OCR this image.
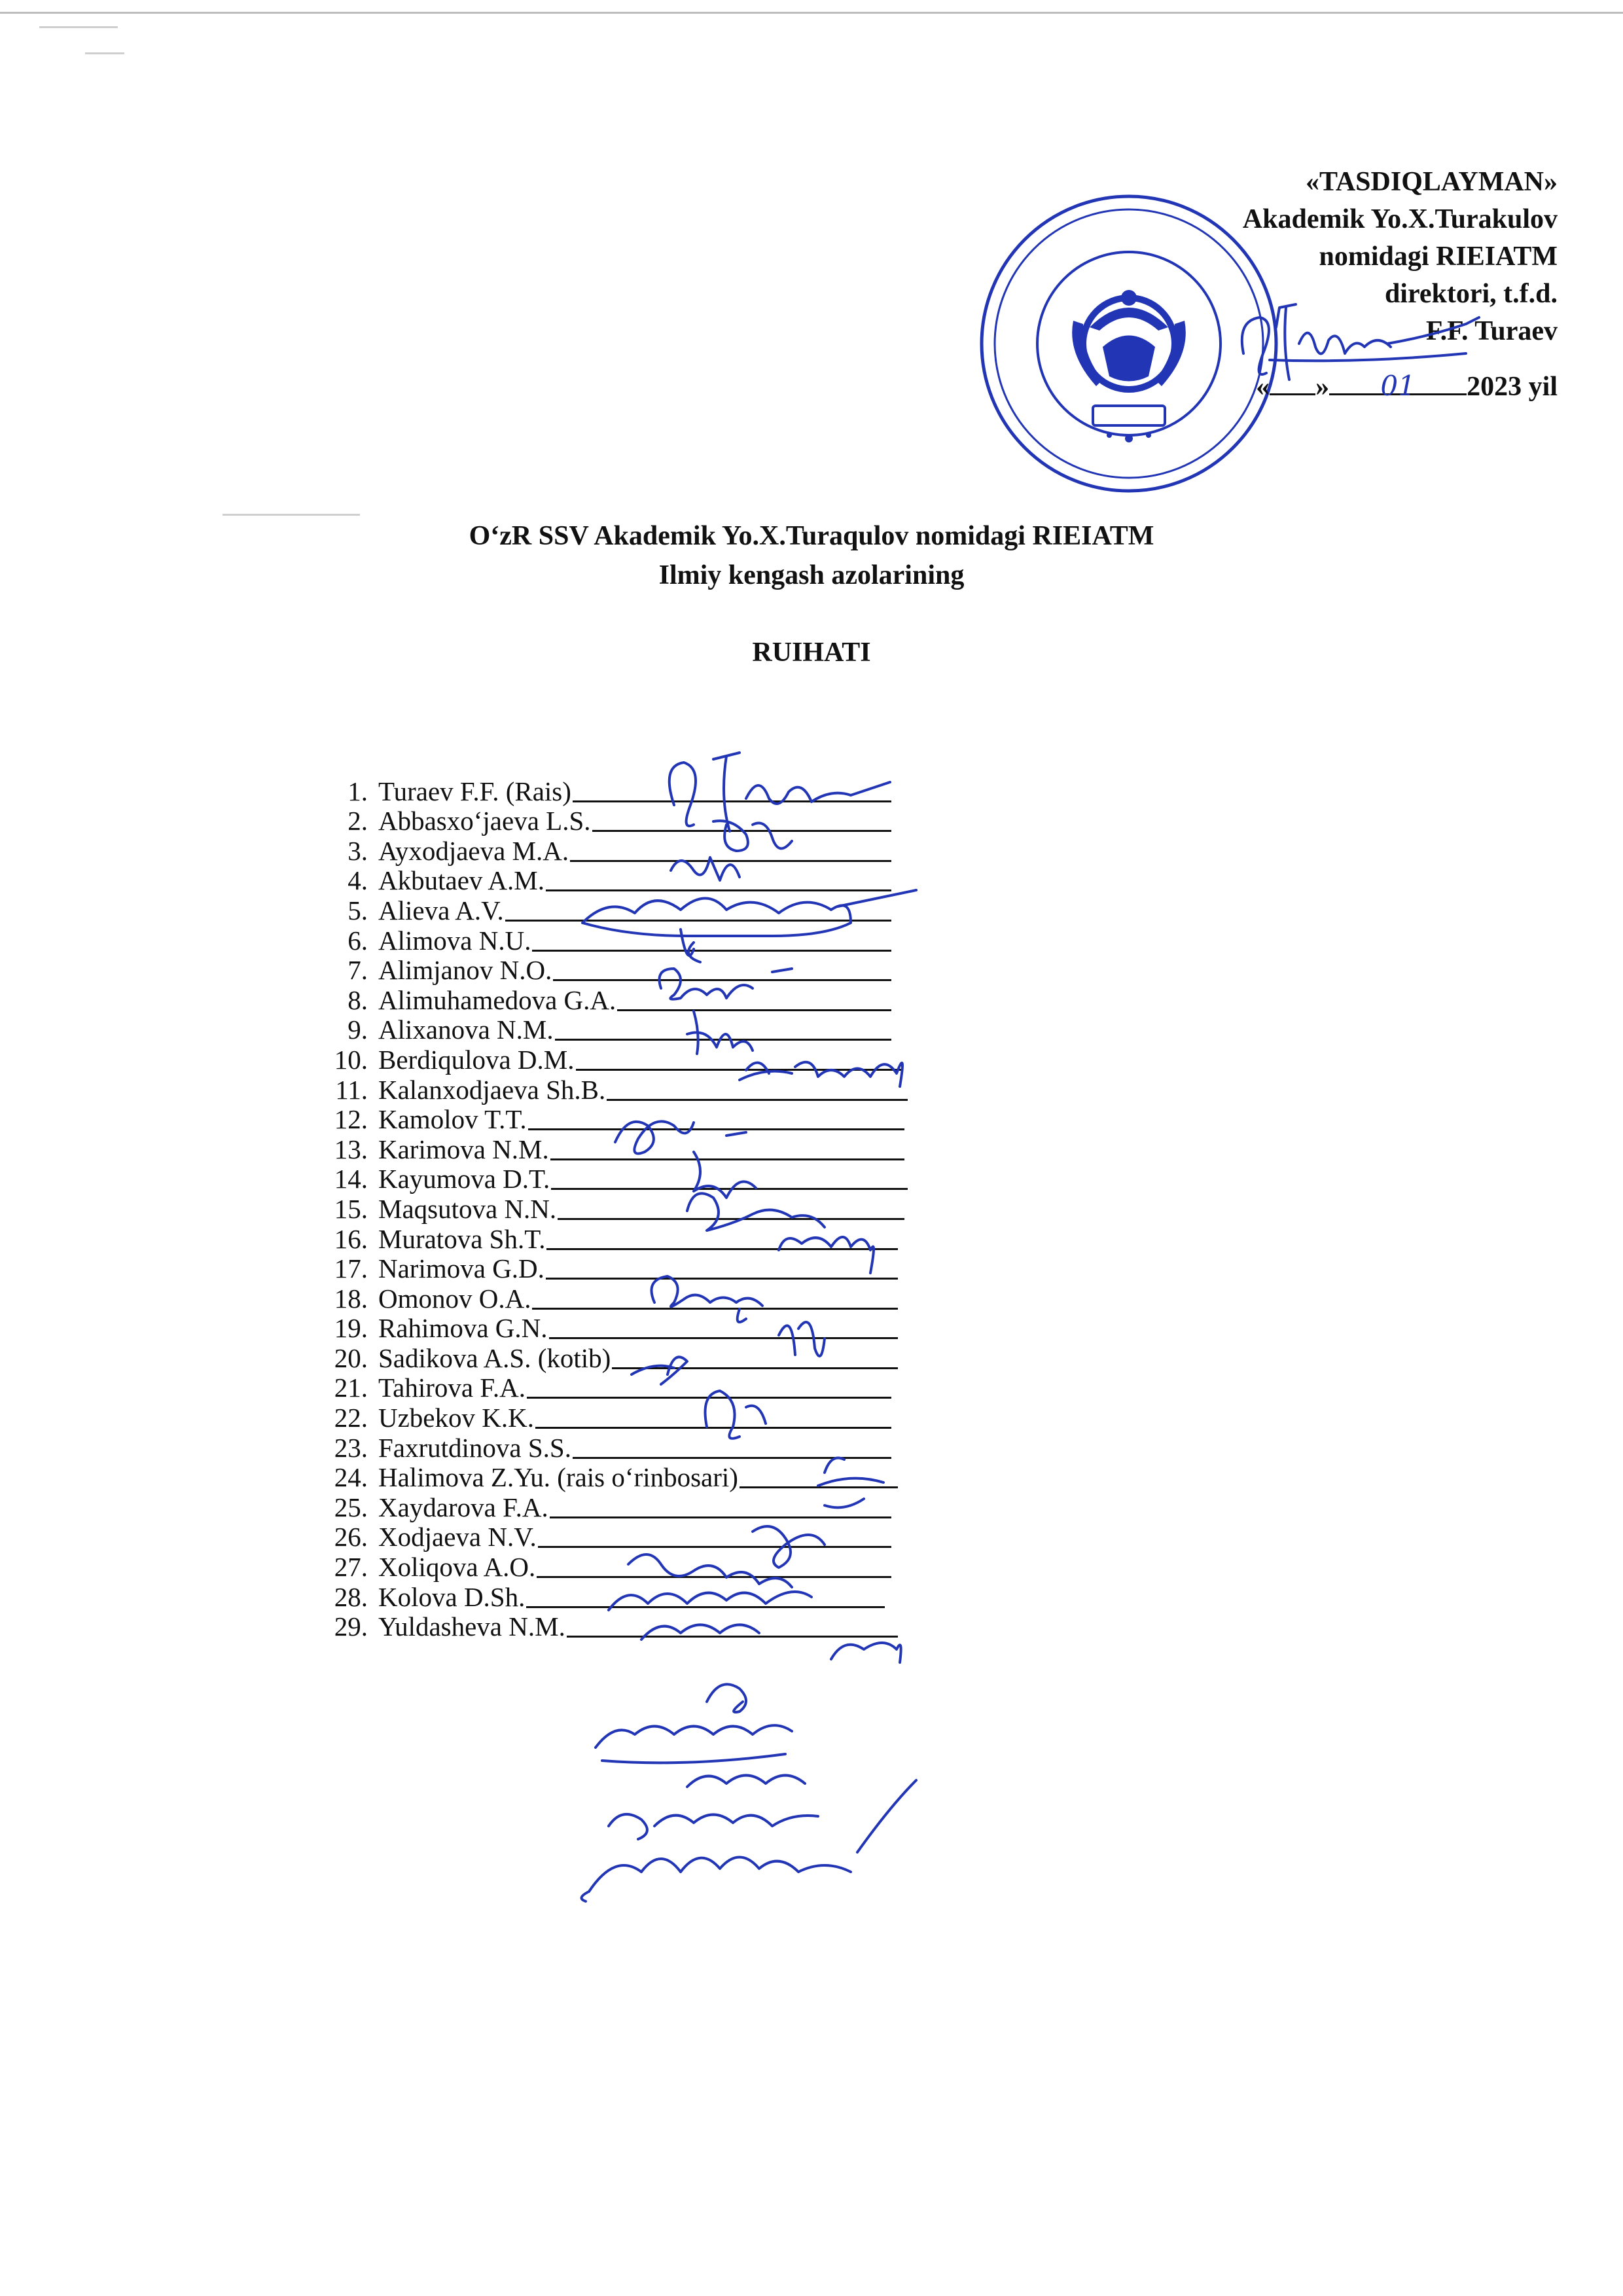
«TASDIQLAYMAN»
Akademik Yo.X.Turakulov
nomidagi RIEIATM
direktori, t.f.d.
F.F. Turaev
« » 01 2023 yil
O‘zR SSV Akademik Yo.X.Turaqulov nomidagi RIEIATM
Ilmiy kengash azolarining
RUIHATI
1. Turaev F.F. (Rais)
2. Abbasxo‘jaeva L.S.
3. Ayxodjaeva M.A.
4. Akbutaev A.M.
5. Alieva A.V.
6. Alimova N.U.
7. Alimjanov N.O.
8. Alimuhamedova G.A.
9. Alixanova N.M.
10. Berdiqulova D.M.
11. Kalanxodjaeva Sh.B.
12. Kamolov T.T.
13. Karimova N.M.
14. Kayumova D.T.
15. Maqsutova N.N.
16. Muratova Sh.T.
17. Narimova G.D.
18. Omonov O.A.
19. Rahimova G.N.
20. Sadikova A.S. (kotib)
21. Tahirova F.A.
22. Uzbekov K.K.
23. Faxrutdinova S.S.
24. Halimova Z.Yu. (rais o‘rinbosari)
25. Xaydarova F.A.
26. Xodjaeva N.V.
27. Xoliqova A.O.
28. Kolova D.Sh.
29. Yuldasheva N.M.
